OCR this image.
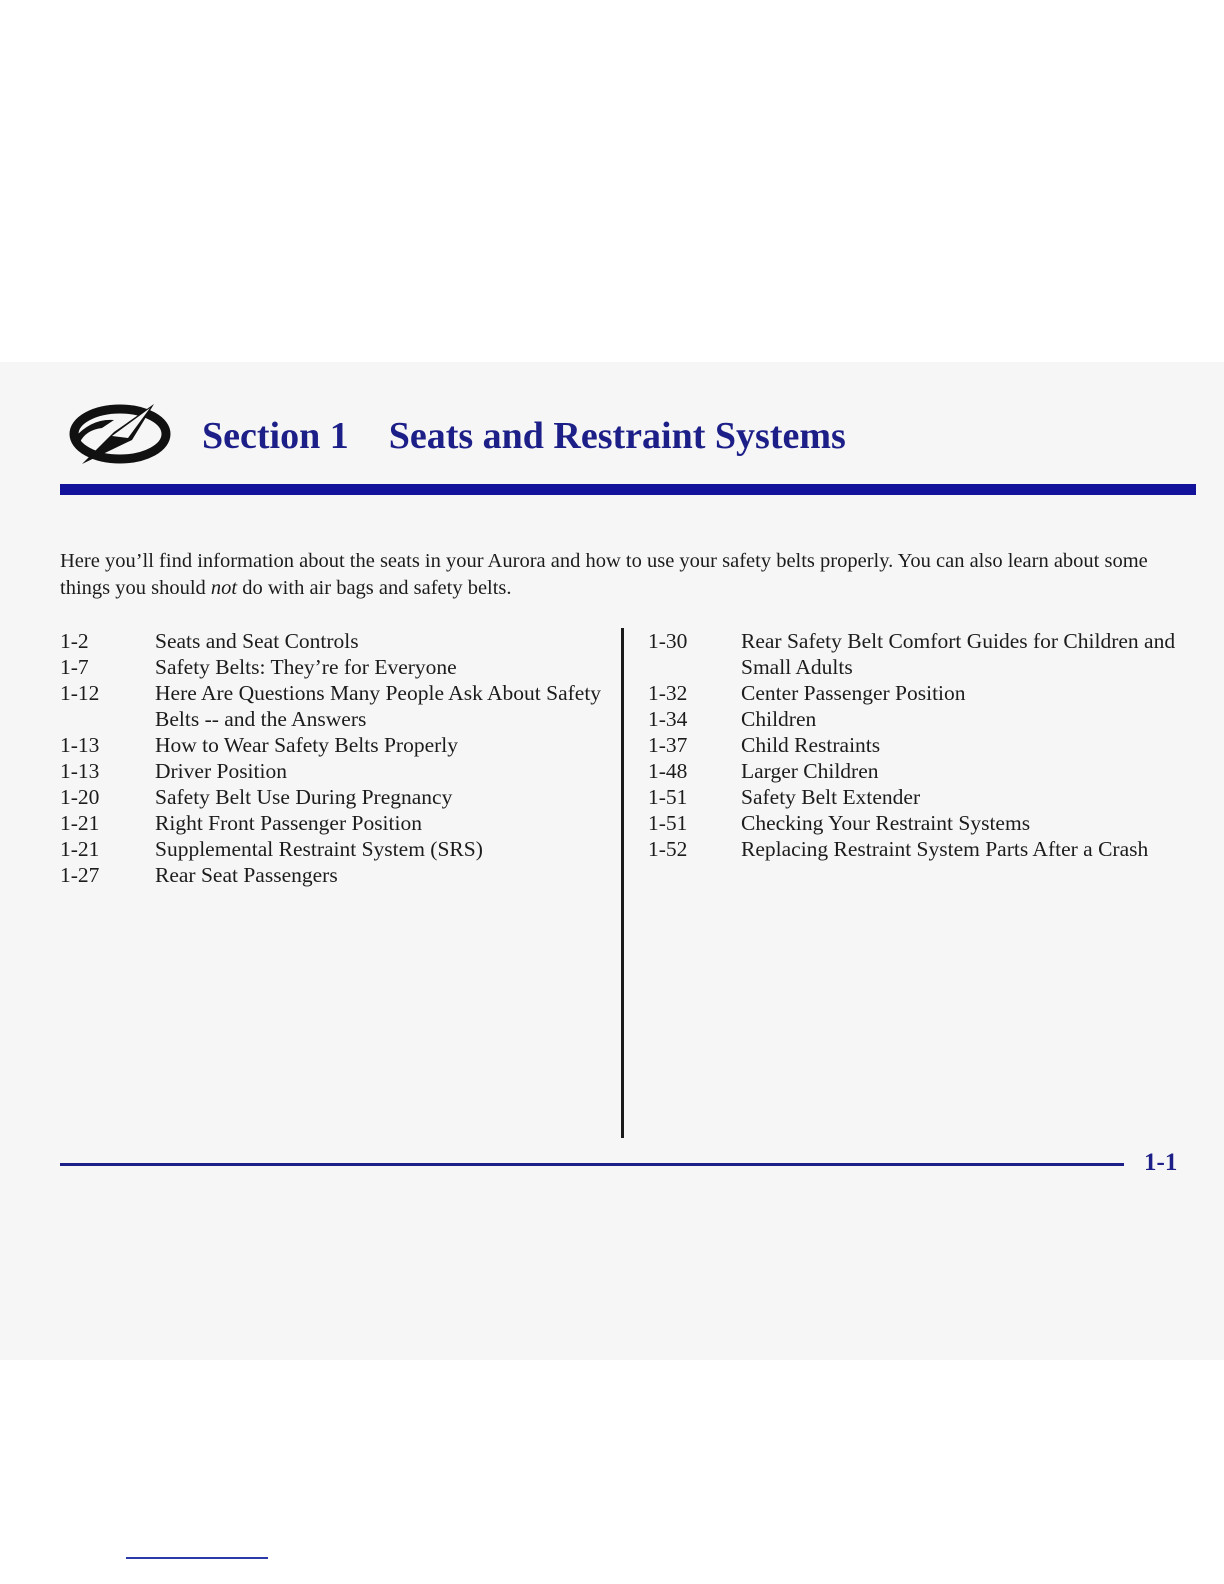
Section 1 Seats and Restraint Systems

Here you’ll find information about the seats in your Aurora and how to use your safety belts properly. You can also learn about some things you should not do with air bags and safety belts.

1-2	Seats and Seat Controls
1-7	Safety Belts: They’re for Everyone
1-12	Here Are Questions Many People Ask About Safety Belts -- and the Answers
1-13	How to Wear Safety Belts Properly
1-13	Driver Position
1-20	Safety Belt Use During Pregnancy
1-21	Right Front Passenger Position
1-21	Supplemental Restraint System (SRS)
1-27	Rear Seat Passengers
1-30	Rear Safety Belt Comfort Guides for Children and Small Adults
1-32	Center Passenger Position
1-34	Children
1-37	Child Restraints
1-48	Larger Children
1-51	Safety Belt Extender
1-51	Checking Your Restraint Systems
1-52	Replacing Restraint System Parts After a Crash
1-1
